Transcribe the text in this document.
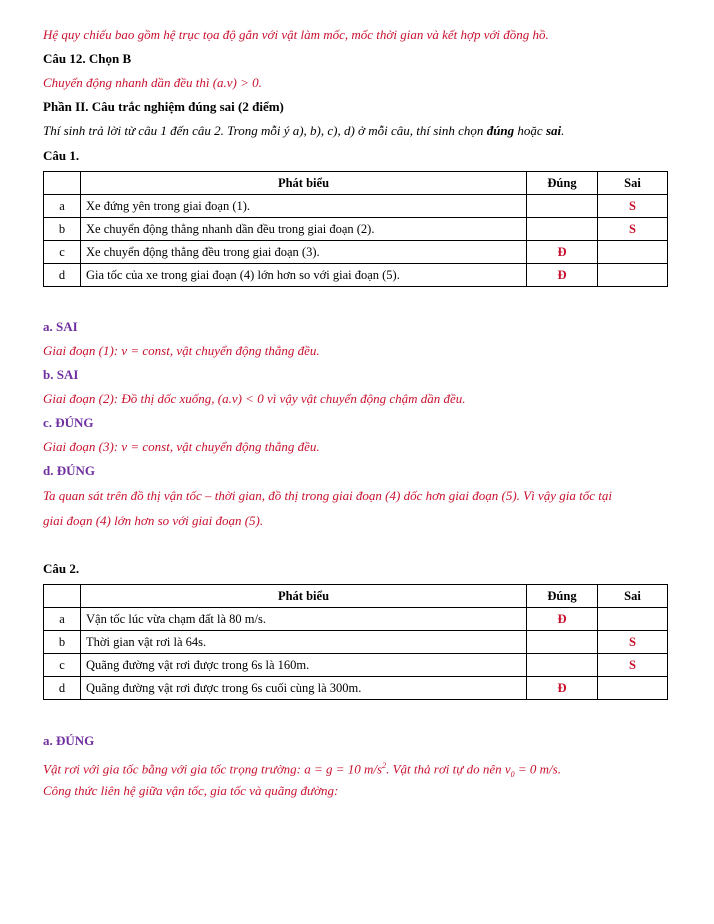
Hệ quy chiếu bao gồm hệ trục tọa độ gắn với vật làm mốc, mốc thời gian và kết hợp với đồng hồ.
Câu 12. Chọn B
Chuyển động nhanh dần đều thì (a.v) > 0.
Phần II. Câu trắc nghiệm đúng sai (2 điểm)
Thí sinh trả lời từ câu 1 đến câu 2. Trong mỗi ý a), b), c), d) ở mỗi câu, thí sinh chọn đúng hoặc sai.
Câu 1.
	Phát biểu	Đúng	Sai
a	Xe đứng yên trong giai đoạn (1).		S
b	Xe chuyển động thẳng nhanh dần đều trong giai đoạn (2).		S
c	Xe chuyển động thẳng đều trong giai đoạn (3).	Đ	
d	Gia tốc của xe trong giai đoạn (4) lớn hơn so với giai đoạn (5).	Đ	
a. SAI
Giai đoạn (1): v = const, vật chuyển động thẳng đều.
b. SAI
Giai đoạn (2): Đồ thị dốc xuống, (a.v) < 0 vì vậy vật chuyển động chậm dần đều.
c. ĐÚNG
Giai đoạn (3): v = const, vật chuyển động thẳng đều.
d. ĐÚNG
Ta quan sát trên đồ thị vận tốc – thời gian, đồ thị trong giai đoạn (4) dốc hơn giai đoạn (5). Vì vậy gia tốc tại
giai đoạn (4) lớn hơn so với giai đoạn (5).
Câu 2.
	Phát biểu	Đúng	Sai
a	Vận tốc lúc vừa chạm đất là 80 m/s.	Đ	
b	Thời gian vật rơi là 64s.		S
c	Quãng đường vật rơi được trong 6s là 160m.		S
d	Quãng đường vật rơi được trong 6s cuối cùng là 300m.	Đ	
a. ĐÚNG
Vật rơi với gia tốc bằng với gia tốc trọng trường: a = g = 10 $m/s^2$. Vật thả rơi tự do nên $v_0 = 0$ m/s.
Công thức liên hệ giữa vận tốc, gia tốc và quãng đường:
